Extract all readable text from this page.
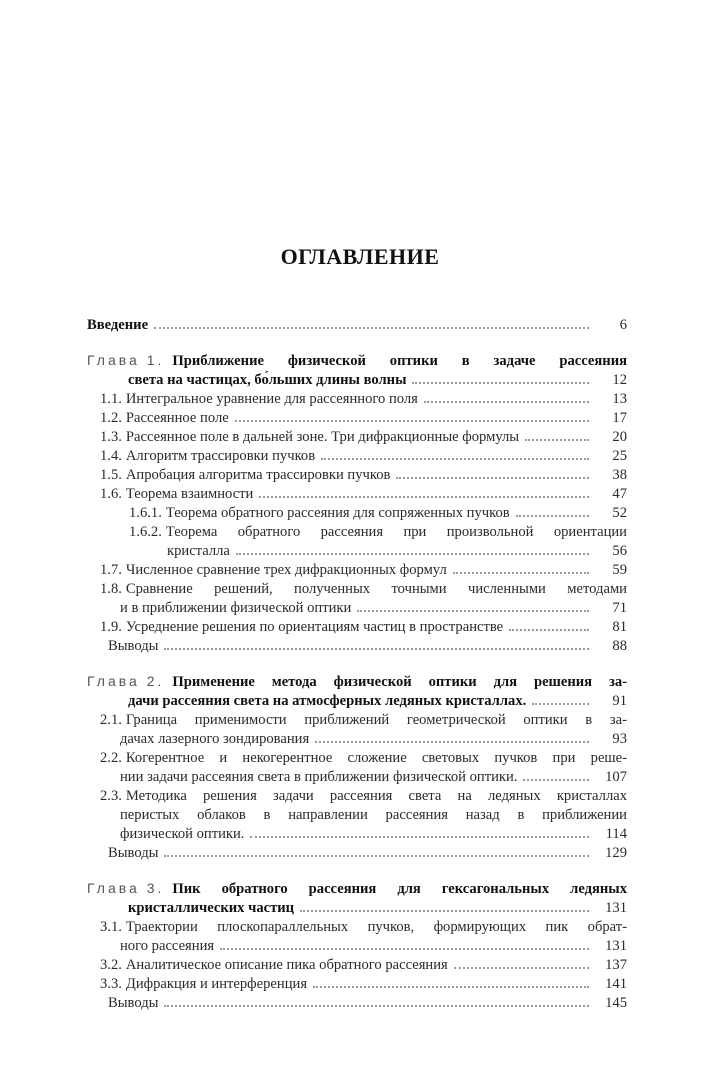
ОГЛАВЛЕНИЕ
Введение	6
Глава 1. Приближение физической оптики в задаче рассеяния
света на частицах, бо́льших длины волны	12
1.1. Интегральное уравнение для рассеянного поля	13
1.2. Рассеянное поле	17
1.3. Рассеянное поле в дальней зоне. Три дифракционные формулы	20
1.4. Алгоритм трассировки пучков	25
1.5. Апробация алгоритма трассировки пучков	38
1.6. Теорема взаимности	47
1.6.1. Теорема обратного рассеяния для сопряженных пучков	52
1.6.2. Теорема обратного рассеяния при произвольной ориентации
кристалла	56
1.7. Численное сравнение трех дифракционных формул	59
1.8. Сравнение решений, полученных точными численными методами
и в приближении физической оптики	71
1.9. Усреднение решения по ориентациям частиц в пространстве	81
Выводы	88
Глава 2. Применение метода физической оптики для решения за-
дачи рассеяния света на атмосферных ледяных кристаллах.	91
2.1. Граница применимости приближений геометрической оптики в за-
дачах лазерного зондирования	93
2.2. Когерентное и некогерентное сложение световых пучков при реше-
нии задачи рассеяния света в приближении физической оптики.	107
2.3. Методика решения задачи рассеяния света на ледяных кристаллах
перистых облаков в направлении рассеяния назад в приближении
физической оптики.	114
Выводы	129
Глава 3. Пик обратного рассеяния для гексагональных ледяных
кристаллических частиц	131
3.1. Траектории плоскопараллельных пучков, формирующих пик обрат-
ного рассеяния	131
3.2. Аналитическое описание пика обратного рассеяния	137
3.3. Дифракция и интерференция	141
Выводы	145
